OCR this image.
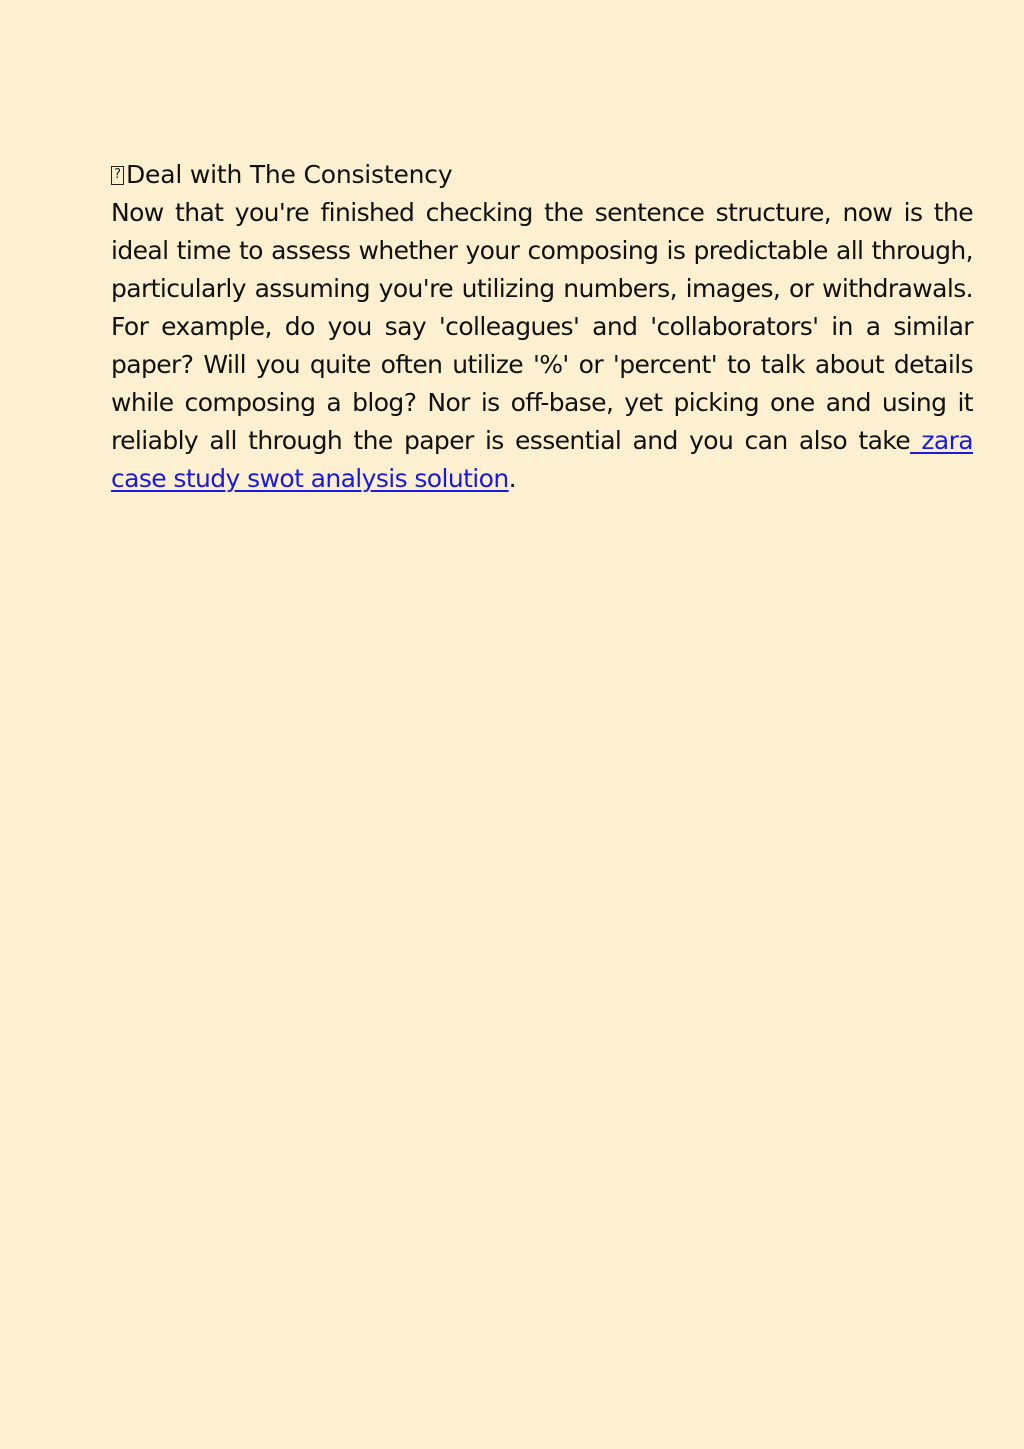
? Deal with The Consistency

Now that you're finished checking the sentence structure, now is the ideal time to assess whether your composing is predictable all through, particularly assuming you're utilizing numbers, images, or withdrawals. For example, do you say 'colleagues' and 'collaborators' in a similar paper? Will you quite often utilize '%' or 'percent' to talk about details while composing a blog? Nor is off-base, yet picking one and using it reliably all through the paper is essential and you can also take zara case study swot analysis solution.
